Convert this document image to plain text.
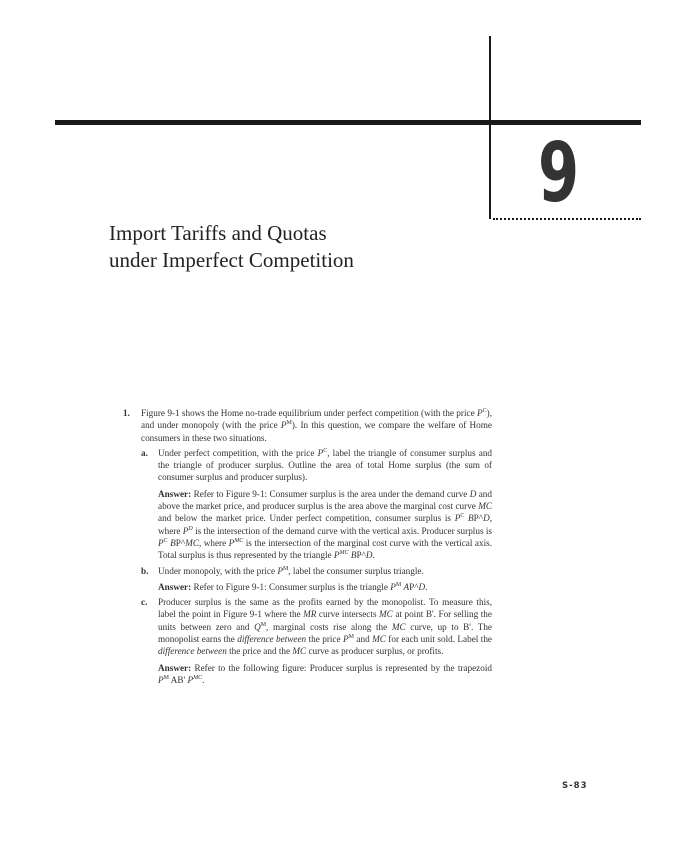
9
Import Tariffs and Quotas
under Imperfect Competition
1. Figure 9-1 shows the Home no-trade equilibrium under perfect competition (with the price $P^C$), and under monopoly (with the price $P^M$). In this question, we compare the welfare of Home consumers in these two situations.

a. Under perfect competition, with the price $P^C$, label the triangle of consumer surplus and the triangle of producer surplus. Outline the area of total Home surplus (the sum of consumer surplus and producer surplus).

Answer: Refer to Figure 9-1: Consumer surplus is the area under the demand curve D and above the market price, and producer surplus is the area above the marginal cost curve MC and below the market price. Under perfect competition, consumer surplus is $P^C$ BP^D, where $P^D$ is the intersection of the demand curve with the vertical axis. Producer surplus is $P^C$ BP^MC, where $P^{MC}$ is the intersection of the marginal cost curve with the vertical axis. Total surplus is thus represented by the triangle $P^{MC}$ BP^D.

b. Under monopoly, with the price $P^M$, label the consumer surplus triangle.

Answer: Refer to Figure 9-1: Consumer surplus is the triangle $P^M$ AP^D.

c. Producer surplus is the same as the profits earned by the monopolist. To measure this, label the point in Figure 9-1 where the MR curve intersects MC at point B'. For selling the units between zero and $Q^M$, marginal costs rise along the MC curve, up to B'. The monopolist earns the difference between the price $P^M$ and MC for each unit sold. Label the difference between the price and the MC curve as producer surplus, or profits.

Answer: Refer to the following figure: Producer surplus is represented by the trapezoid $P^M$ AB' $P^{MC}$.

S-83
